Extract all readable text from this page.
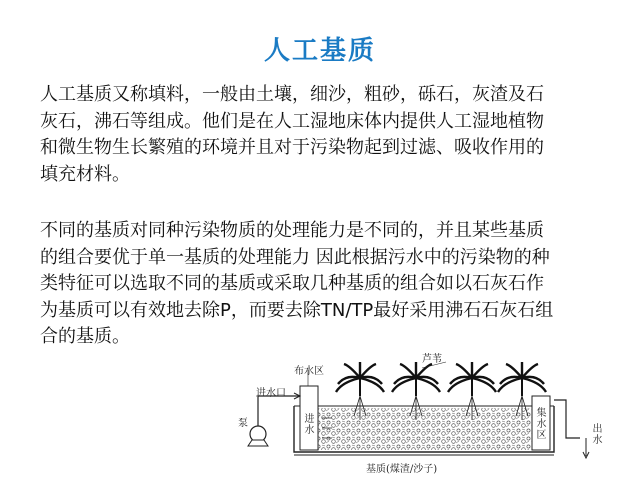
人工基质

人工基质又称填料，一般由土壤，细沙，粗砂，砾石，灰渣及石
灰石，沸石等组成。他们是在人工湿地床体内提供人工湿地植物
和微生物生长繁殖的环境并且对于污染物起到过滤、吸收作用的
填充材料。

不同的基质对同种污染物质的处理能力是不同的，并且某些基质
的组合要优于单一基质的处理能力 因此根据污水中的污染物的种
类特征可以选取不同的基质或采取几种基质的组合如以石灰石作
为基质可以有效地去除P，而要去除TN/TP最好采用沸石石灰石组
合的基质。

芦苇
布水区
进水口
泵	进水
集水区
出水
基质(煤渣/沙子)
